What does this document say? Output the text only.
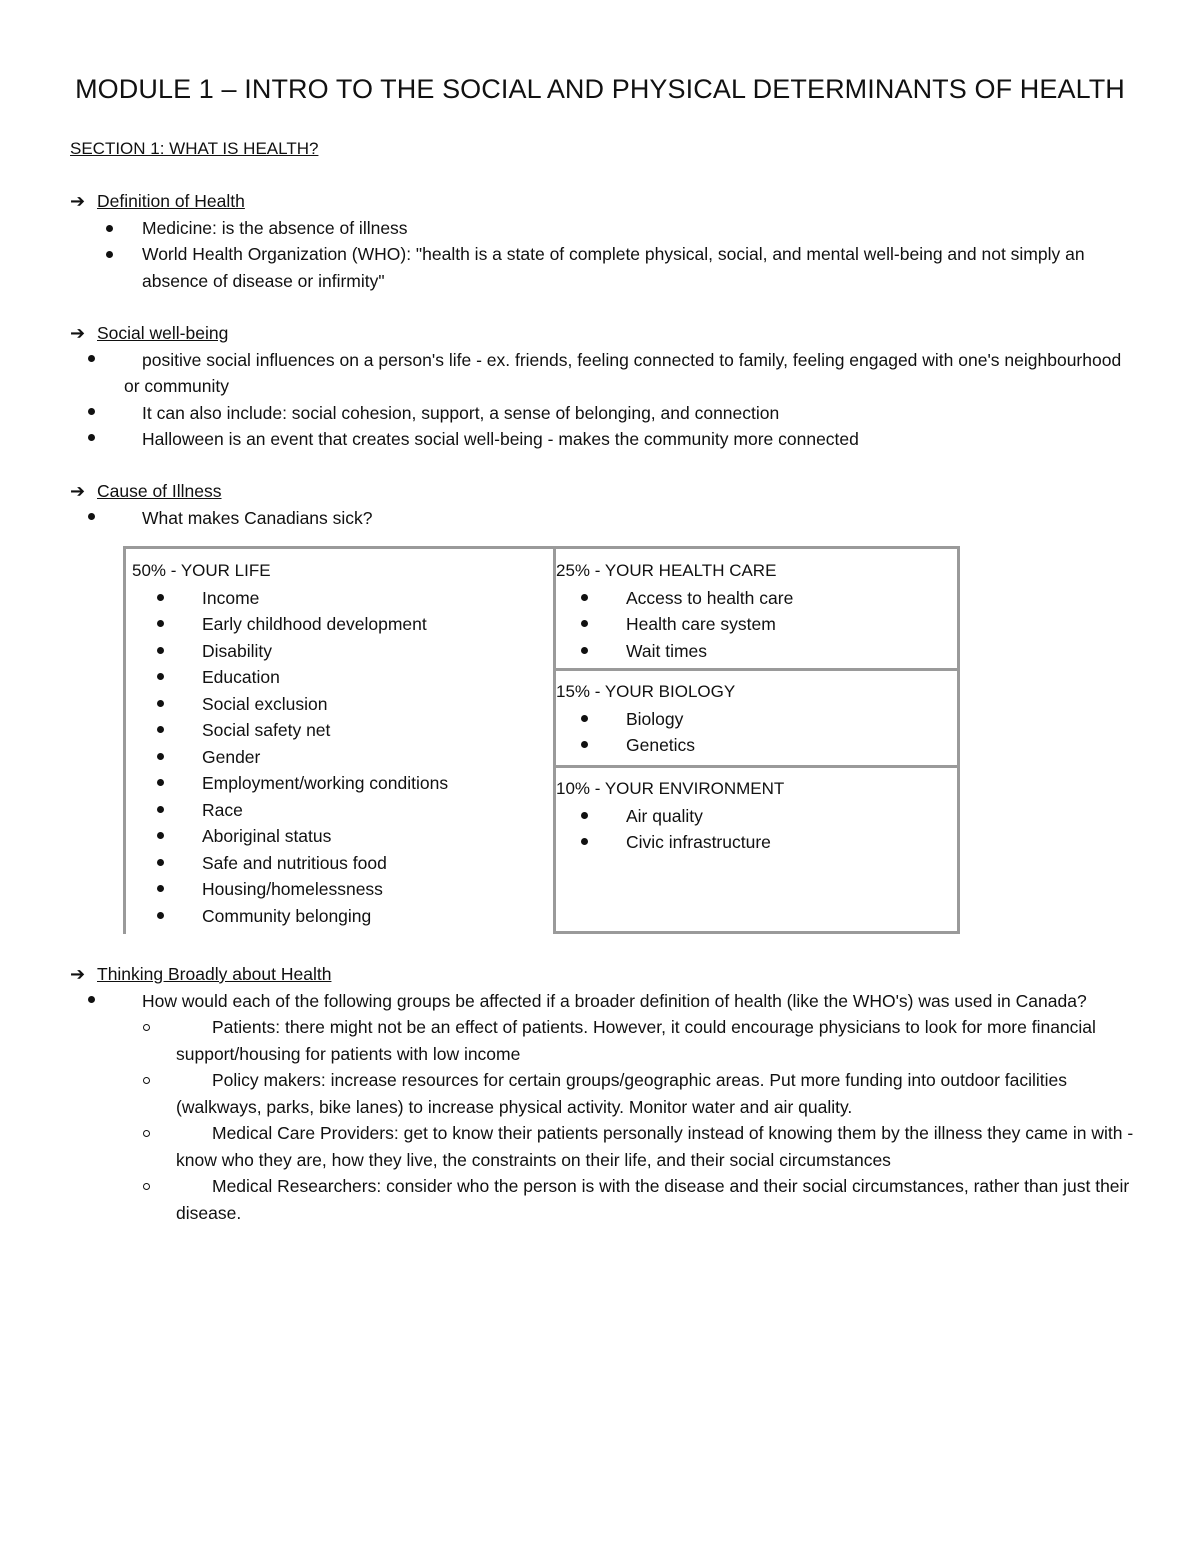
MODULE 1 – INTRO TO THE SOCIAL AND PHYSICAL DETERMINANTS OF HEALTH
SECTION 1: WHAT IS HEALTH?
➔ Definition of Health
Medicine: is the absence of illness
World Health Organization (WHO): "health is a state of complete physical, social, and mental well-being and not simply an absence of disease or infirmity"
➔ Social well-being
positive social influences on a person's life - ex. friends, feeling connected to family, feeling engaged with one's neighbourhood or community
It can also include: social cohesion, support, a sense of belonging, and connection
Halloween is an event that creates social well-being - makes the community more connected
➔ Cause of Illness
What makes Canadians sick?
50% - YOUR LIFE
Income
Early childhood development
Disability
Education
Social exclusion
Social safety net
Gender
Employment/working conditions
Race
Aboriginal status
Safe and nutritious food
Housing/homelessness
Community belonging
25% - YOUR HEALTH CARE
Access to health care
Health care system
Wait times
15% - YOUR BIOLOGY
Biology
Genetics
10% - YOUR ENVIRONMENT
Air quality
Civic infrastructure
➔ Thinking Broadly about Health
How would each of the following groups be affected if a broader definition of health (like the WHO's) was used in Canada?
Patients: there might not be an effect of patients. However, it could encourage physicians to look for more financial support/housing for patients with low income
Policy makers: increase resources for certain groups/geographic areas. Put more funding into outdoor facilities (walkways, parks, bike lanes) to increase physical activity. Monitor water and air quality.
Medical Care Providers: get to know their patients personally instead of knowing them by the illness they came in with - know who they are, how they live, the constraints on their life, and their social circumstances
Medical Researchers: consider who the person is with the disease and their social circumstances, rather than just their disease.
